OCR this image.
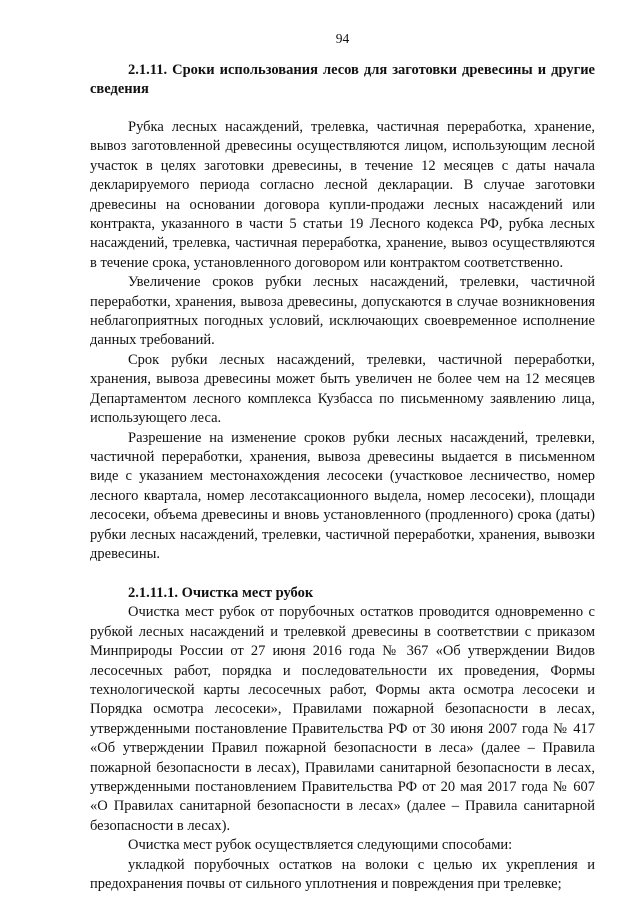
94

2.1.11. Сроки использования лесов для заготовки древесины и другие сведения

Рубка лесных насаждений, трелевка, частичная переработка, хранение, вывоз заготовленной древесины осуществляются лицом, использующим лесной участок в целях заготовки древесины, в течение 12 месяцев с даты начала декларируемого периода согласно лесной декларации. В случае заготовки древесины на основании договора купли-продажи лесных насаждений или контракта, указанного в части 5 статьи 19 Лесного кодекса РФ, рубка лесных насаждений, трелевка, частичная переработка, хранение, вывоз осуществляются в течение срока, установленного договором или контрактом соответственно.

Увеличение сроков рубки лесных насаждений, трелевки, частичной переработки, хранения, вывоза древесины, допускаются в случае возникновения неблагоприятных погодных условий, исключающих своевременное исполнение данных требований.

Срок рубки лесных насаждений, трелевки, частичной переработки, хранения, вывоза древесины может быть увеличен не более чем на 12 месяцев Департаментом лесного комплекса Кузбасса по письменному заявлению лица, использующего леса.

Разрешение на изменение сроков рубки лесных насаждений, трелевки, частичной переработки, хранения, вывоза древесины выдается в письменном виде с указанием местонахождения лесосеки (участковое лесничество, номер лесного квартала, номер лесотаксационного выдела, номер лесосеки), площади лесосеки, объема древесины и вновь установленного (продленного) срока (даты) рубки лесных насаждений, трелевки, частичной переработки, хранения, вывозки древесины.

2.1.11.1. Очистка мест рубок

Очистка мест рубок от порубочных остатков проводится одновременно с рубкой лесных насаждений и трелевкой древесины в соответствии с приказом Минприроды России от 27 июня 2016 года № 367 «Об утверждении Видов лесосечных работ, порядка и последовательности их проведения, Формы технологической карты лесосечных работ, Формы акта осмотра лесосеки и Порядка осмотра лесосеки», Правилами пожарной безопасности в лесах, утвержденными постановление Правительства РФ от 30 июня 2007 года № 417 «Об утверждении Правил пожарной безопасности в леса» (далее – Правила пожарной безопасности в лесах), Правилами санитарной безопасности в лесах, утвержденными постановлением Правительства РФ от 20 мая 2017 года № 607 «О Правилах санитарной безопасности в лесах» (далее – Правила санитарной безопасности в лесах).

Очистка мест рубок осуществляется следующими способами:

укладкой порубочных остатков на волоки с целью их укрепления и предохранения почвы от сильного уплотнения и повреждения при трелевке;
